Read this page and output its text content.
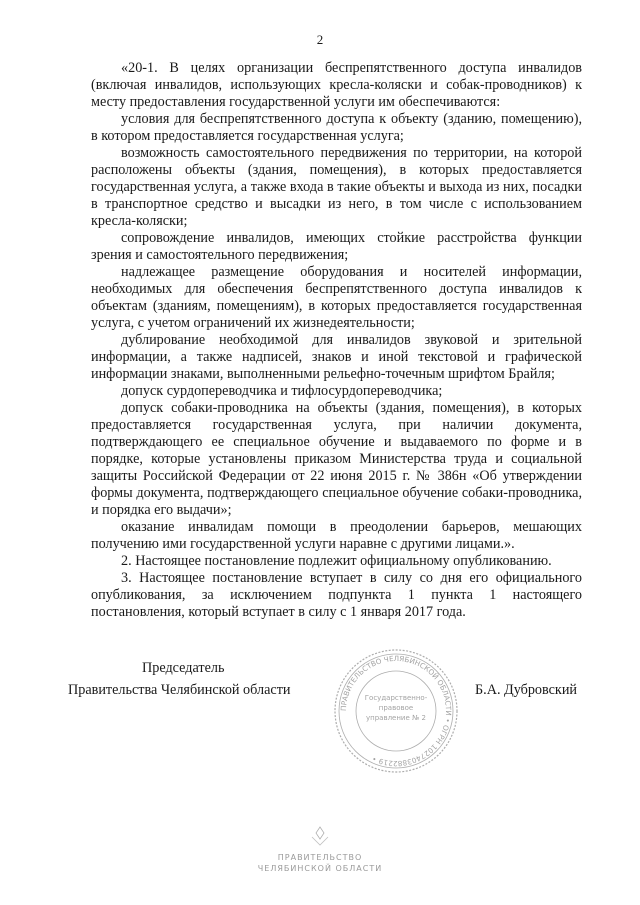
2

«20-1. В целях организации беспрепятственного доступа инвалидов (включая инвалидов, использующих кресла-коляски и собак-проводников) к месту предоставления государственной услуги им обеспечиваются:

условия для беспрепятственного доступа к объекту (зданию, помещению), в котором предоставляется государственная услуга;

возможность самостоятельного передвижения по территории, на которой расположены объекты (здания, помещения), в которых предоставляется государственная услуга, а также входа в такие объекты и выхода из них, посадки в транспортное средство и высадки из него, в том числе с использованием кресла-коляски;

сопровождение инвалидов, имеющих стойкие расстройства функции зрения и самостоятельного передвижения;

надлежащее размещение оборудования и носителей информации, необходимых для обеспечения беспрепятственного доступа инвалидов к объектам (зданиям, помещениям), в которых предоставляется государственная услуга, с учетом ограничений их жизнедеятельности;

дублирование необходимой для инвалидов звуковой и зрительной информации, а также надписей, знаков и иной текстовой и графической информации знаками, выполненными рельефно-точечным шрифтом Брайля;

допуск сурдопереводчика и тифлосурдопереводчика;

допуск собаки-проводника на объекты (здания, помещения), в которых предоставляется государственная услуга, при наличии документа, подтверждающего ее специальное обучение и выдаваемого по форме и в порядке, которые установлены приказом Министерства труда и социальной защиты Российской Федерации от 22 июня 2015 г. № 386н «Об утверждении формы документа, подтверждающего специальное обучение собаки-проводника, и порядка его выдачи»;

оказание инвалидам помощи в преодолении барьеров, мешающих получению ими государственной услуги наравне с другими лицами.».

2. Настоящее постановление подлежит официальному опубликованию.

3. Настоящее постановление вступает в силу со дня его официального опубликования, за исключением подпункта 1 пункта 1 настоящего постановления, который вступает в силу с 1 января 2017 года.

Председатель
Правительства Челябинской области
ПРАВИТЕЛЬСТВО ЧЕЛЯБИНСКОЙ ОБЛАСТИ • ОГРН 1027403882219 •
Государственно-
правовое
управление № 2
Б.А. Дубровский
ПРАВИТЕЛЬСТВО
ЧЕЛЯБИНСКОЙ ОБЛАСТИ
